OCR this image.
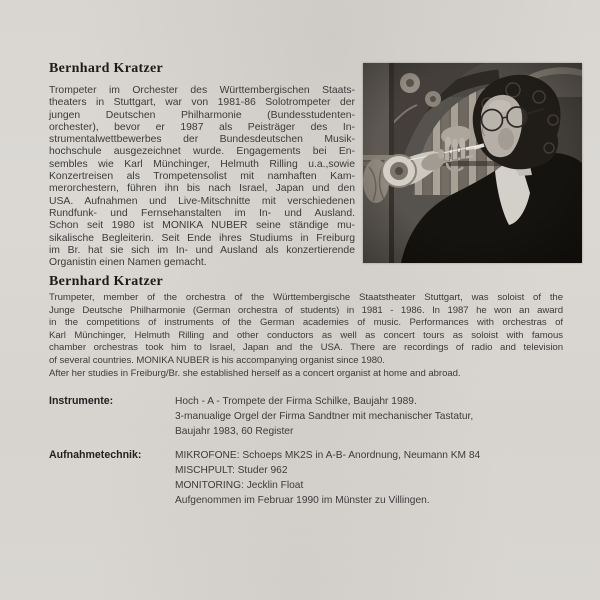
Bernhard Kratzer
Trompeter im Orchester des Württembergischen Staats-
theaters in Stuttgart, war von 1981-86 Solotrompeter der
jungen Deutschen Philharmonie (Bundesstudenten-
orchester), bevor er 1987 als Peisträger des In-
strumentalwettbewerbes der Bundesdeutschen Musik-
hochschule ausgezeichnet wurde. Engagements bei En-
sembles wie Karl Münchinger, Helmuth Rilling u.a.,sowie
Konzertreisen als Trompetensolist mit namhaften Kam-
merorchestern, führen ihn bis nach Israel, Japan und den
USA. Aufnahmen und Live-Mitschnitte mit verschiedenen
Rundfunk- und Fernsehanstalten im In- und Ausland.
Schon seit 1980 ist MONIKA NUBER seine ständige mu-
sikalische Begleiterin. Seit Ende ihres Studiums in Freiburg
im Br. hat sie sich im In- und Ausland als konzertierende
Organistin einen Namen gemacht.
Bernhard Kratzer
Trumpeter, member of the orchestra of the Württembergische Staatstheater Stuttgart, was soloist of the
Junge Deutsche Philharmonie (German orchestra of students) in 1981 - 1986. In 1987 he won an award
in the competitions of instruments of the German academies of music. Performances with orchestras of
Karl Münchinger, Helmuth Rilling and other conductors as well as concert tours as soloist with famous
chamber orchestras took him to Israel, Japan and the USA. There are recordings of radio and television
of several countries. MONIKA NUBER is his accompanying organist since 1980.
After her studies in Freiburg/Br. she established herself as a concert organist at home and abroad.
Instrumente:	Hoch - A - Trompete der Firma Schilke, Baujahr 1989.
3-manualige Orgel der Firma Sandtner mit mechanischer Tastatur,
Baujahr 1983, 60 Register
Aufnahmetechnik:	MIKROFONE: Schoeps MK2S in A-B- Anordnung, Neumann KM 84
MISCHPULT: Studer 962
MONITORING: Jecklin Float
Aufgenommen im Februar 1990 im Münster zu Villingen.
